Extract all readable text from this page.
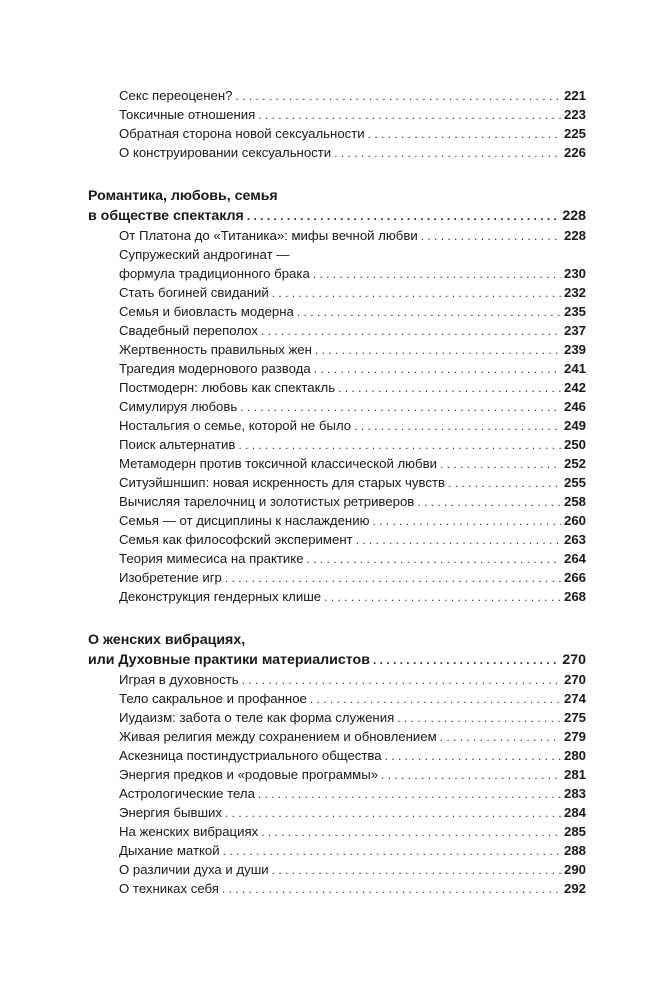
Секс переоценен? . . .	221
Токсичные отношения . . .	223
Обратная сторона новой сексуальности . . .	225
О конструировании сексуальности . . .	226
Романтика, любовь, семья
в обществе спектакля . . .	228
От Платона до «Титаника»: мифы вечной любви . . .	228
Супружеский андрогинат —
формула традиционного брака . . .	230
Стать богиней свиданий . . .	232
Семья и биовласть модерна . . .	235
Свадебный переполох . . .	237
Жертвенность правильных жен . . .	239
Трагедия модернового развода . . .	241
Постмодерн: любовь как спектакль . . .	242
Симулируя любовь . . .	246
Ностальгия о семье, которой не было . . .	249
Поиск альтернатив . . .	250
Метамодерн против токсичной классической любви . . .	252
Ситуэйшншип: новая искренность для старых чувств . . .	255
Вычисляя тарелочниц и золотистых ретриверов . . .	258
Семья — от дисциплины к наслаждению . . .	260
Семья как философский эксперимент . . .	263
Теория мимесиса на практике . . .	264
Изобретение игр . . .	266
Деконструкция гендерных клише . . .	268
О женских вибрациях,
или Духовные практики материалистов . . .	270
Играя в духовность . . .	270
Тело сакральное и профанное . . .	274
Иудаизм: забота о теле как форма служения . . .	275
Живая религия между сохранением и обновлением . . .	279
Аскезница постиндустриального общества . . .	280
Энергия предков и «родовые программы» . . .	281
Астрологические тела . . .	283
Энергия бывших . . .	284
На женских вибрациях . . .	285
Дыхание маткой . . .	288
О различии духа и души . . .	290
О техниках себя . . .	292
